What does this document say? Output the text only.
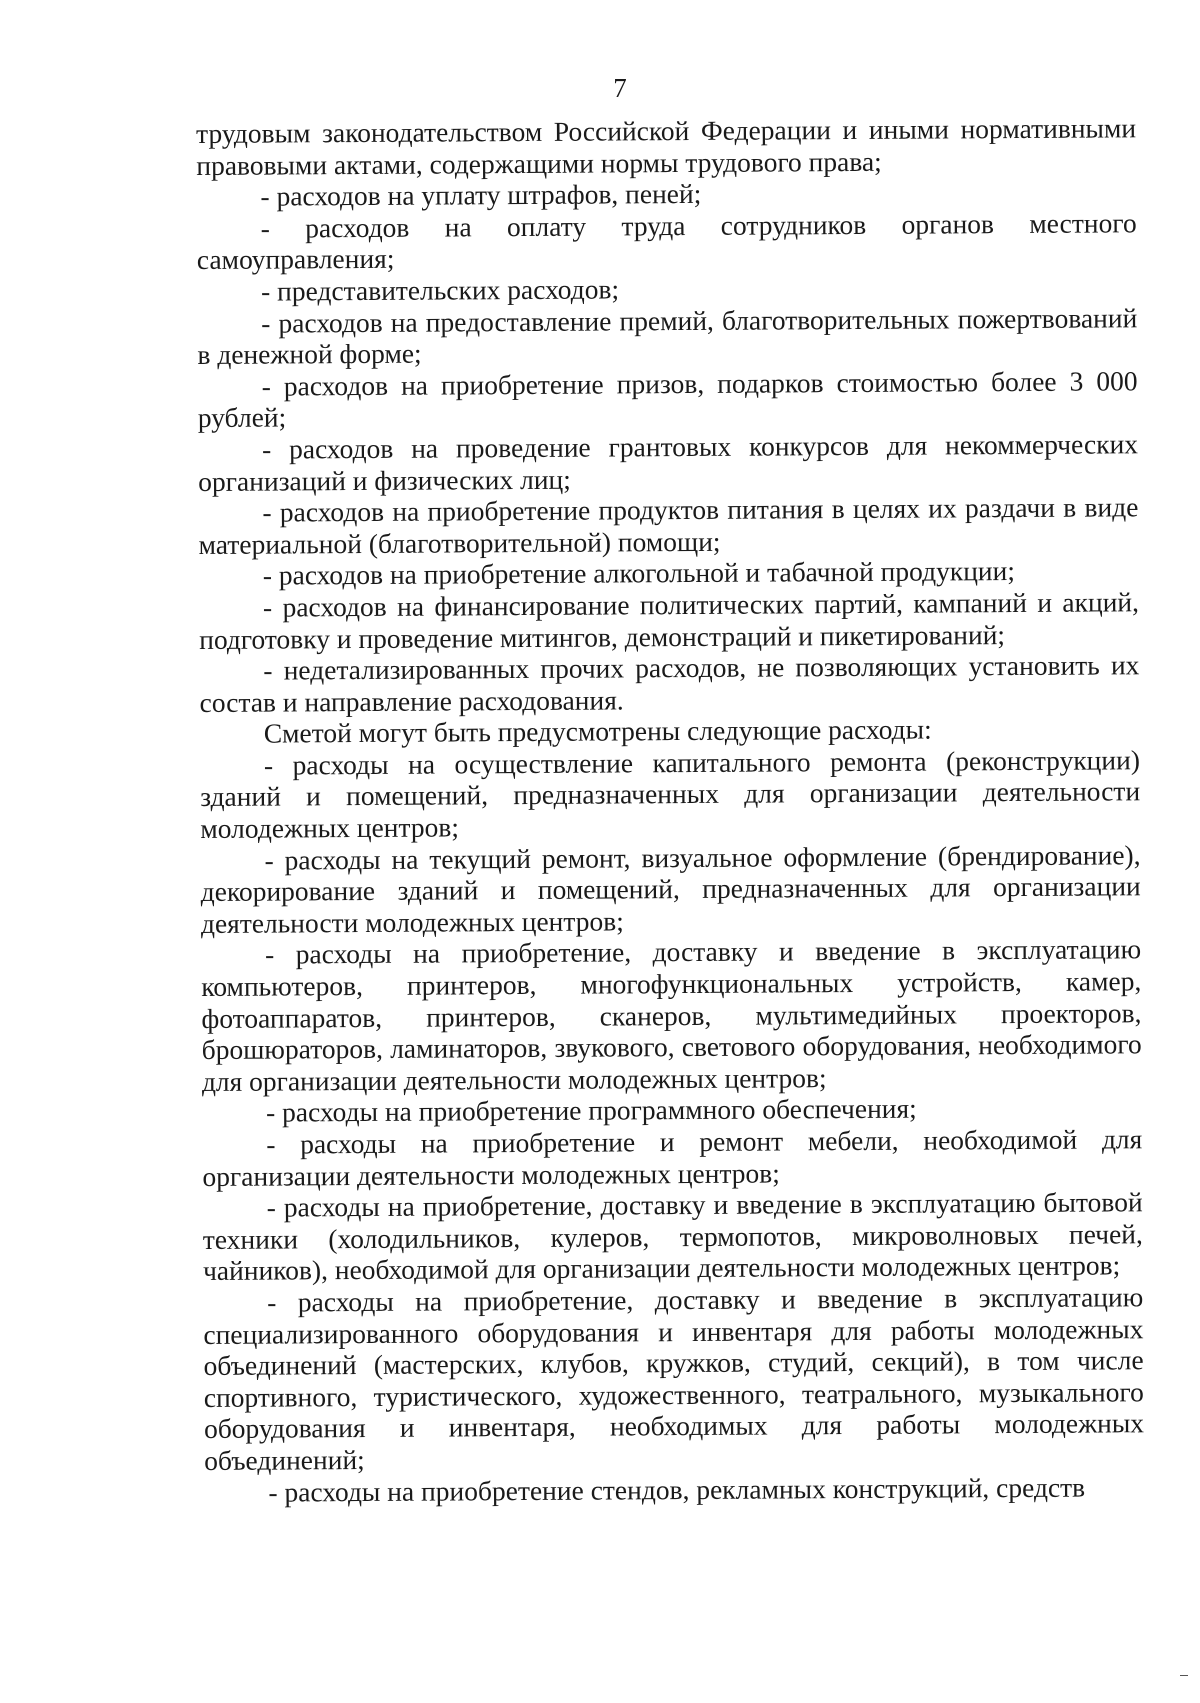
7

трудовым законодательством Российской Федерации и иными нормативными правовыми актами, содержащими нормы трудового права;

- расходов на уплату штрафов, пеней;

- расходов на оплату труда сотрудников органов местного самоуправления;

- представительских расходов;

- расходов на предоставление премий, благотворительных пожертвований в денежной форме;

- расходов на приобретение призов, подарков стоимостью более 3 000 рублей;

- расходов на проведение грантовых конкурсов для некоммерческих организаций и физических лиц;

- расходов на приобретение продуктов питания в целях их раздачи в виде материальной (благотворительной) помощи;

- расходов на приобретение алкогольной и табачной продукции;

- расходов на финансирование политических партий, кампаний и акций, подготовку и проведение митингов, демонстраций и пикетирований;

- недетализированных прочих расходов, не позволяющих установить их состав и направление расходования.

Сметой могут быть предусмотрены следующие расходы:

- расходы на осуществление капитального ремонта (реконструкции) зданий и помещений, предназначенных для организации деятельности молодежных центров;

- расходы на текущий ремонт, визуальное оформление (брендирование), декорирование зданий и помещений, предназначенных для организации деятельности молодежных центров;

- расходы на приобретение, доставку и введение в эксплуатацию компьютеров, принтеров, многофункциональных устройств, камер, фотоаппаратов, принтеров, сканеров, мультимедийных проекторов, брошюраторов, ламинаторов, звукового, светового оборудования, необходимого для организации деятельности молодежных центров;

- расходы на приобретение программного обеспечения;

- расходы на приобретение и ремонт мебели, необходимой для организации деятельности молодежных центров;

- расходы на приобретение, доставку и введение в эксплуатацию бытовой техники (холодильников, кулеров, термопотов, микроволновых печей, чайников), необходимой для организации деятельности молодежных центров;

- расходы на приобретение, доставку и введение в эксплуатацию специализированного оборудования и инвентаря для работы молодежных объединений (мастерских, клубов, кружков, студий, секций), в том числе спортивного, туристического, художественного, театрального, музыкального оборудования и инвентаря, необходимых для работы молодежных объединений;

- расходы на приобретение стендов, рекламных конструкций, средств
